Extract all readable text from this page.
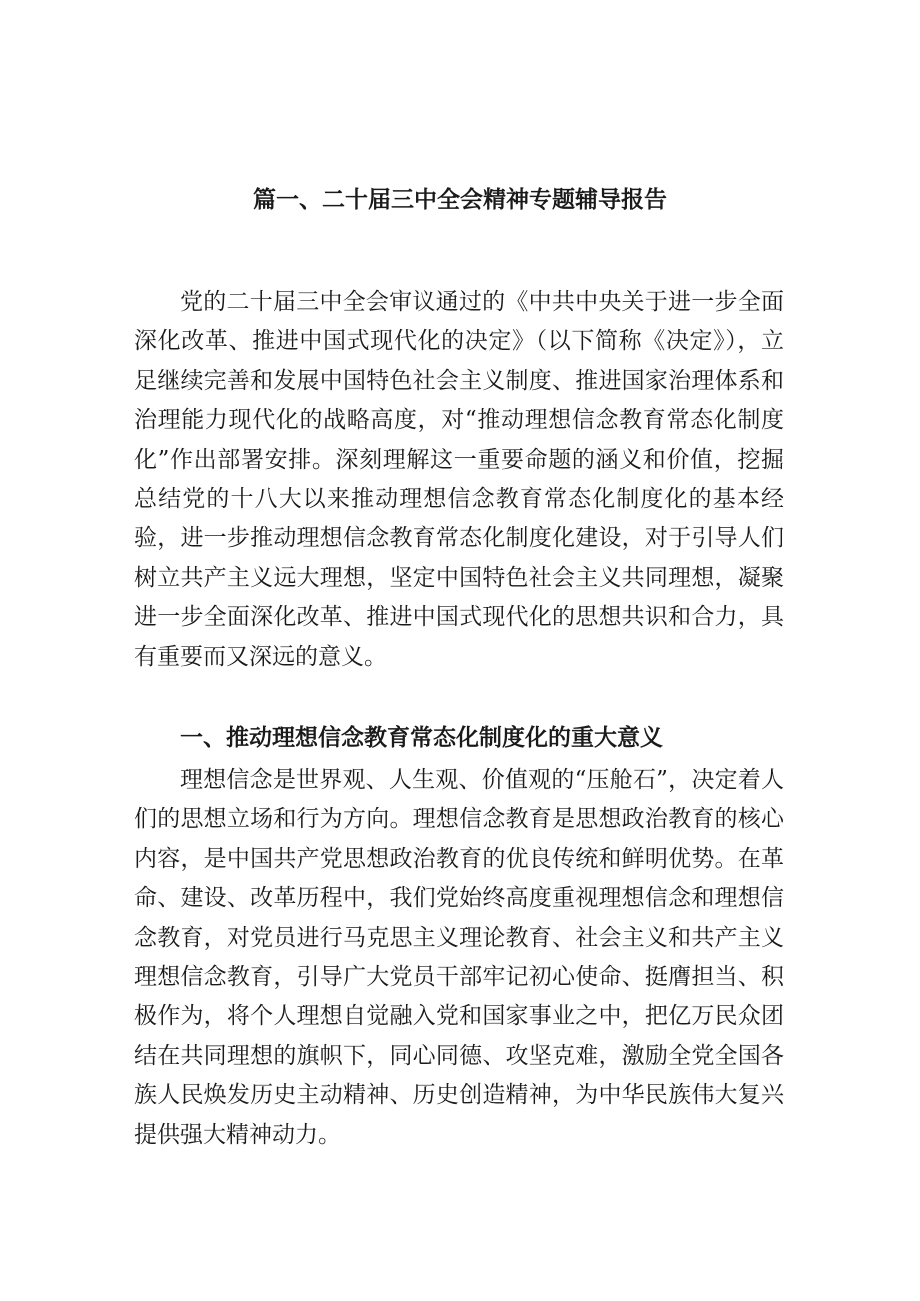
篇一、二十届三中全会精神专题辅导报告

党的二十届三中全会审议通过的《中共中央关于进一步全面深化改革、推进中国式现代化的决定》（以下简称《决定》），立足继续完善和发展中国特色社会主义制度、推进国家治理体系和治理能力现代化的战略高度，对“推动理想信念教育常态化制度化”作出部署安排。深刻理解这一重要命题的涵义和价值，挖掘总结党的十八大以来推动理想信念教育常态化制度化的基本经验，进一步推动理想信念教育常态化制度化建设，对于引导人们树立共产主义远大理想，坚定中国特色社会主义共同理想，凝聚进一步全面深化改革、推进中国式现代化的思想共识和合力，具有重要而又深远的意义。

一、推动理想信念教育常态化制度化的重大意义

理想信念是世界观、人生观、价值观的“压舱石”，决定着人们的思想立场和行为方向。理想信念教育是思想政治教育的核心内容，是中国共产党思想政治教育的优良传统和鲜明优势。在革命、建设、改革历程中，我们党始终高度重视理想信念和理想信念教育，对党员进行马克思主义理论教育、社会主义和共产主义理想信念教育，引导广大党员干部牢记初心使命、挺膺担当、积极作为，将个人理想自觉融入党和国家事业之中，把亿万民众团结在共同理想的旗帜下，同心同德、攻坚克难，激励全党全国各族人民焕发历史主动精神、历史创造精神，为中华民族伟大复兴提供强大精神动力。
